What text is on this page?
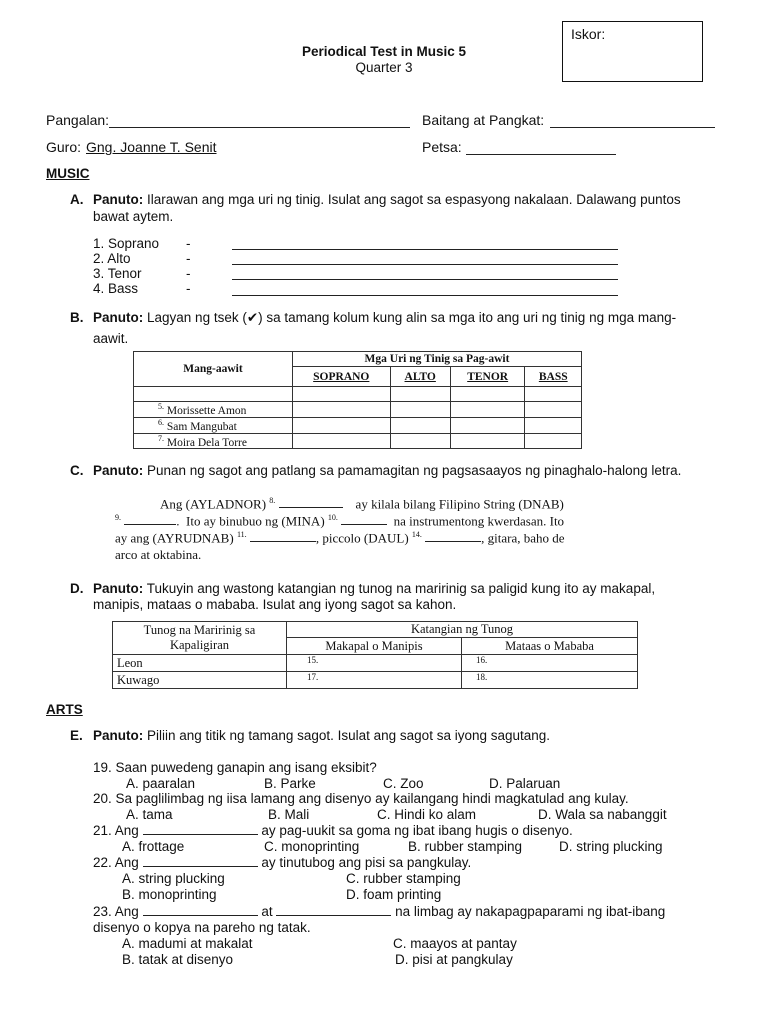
Iskor:
Periodical Test in Music 5
Quarter 3
Pangalan:	Baitang at Pangkat:
Guro: Gng. Joanne T. Senit	Petsa:
MUSIC
A. Panuto: Ilarawan ang mga uri ng tinig. Isulat ang sagot sa espasyong nakalaan. Dalawang puntos
bawat aytem.
1. Soprano -
2. Alto	-
3. Tenor	-
4. Bass	-
B. Panuto: Lagyan ng tsek (✔) sa tamang kolum kung alin sa mga ito ang uri ng tinig ng mga mang-
aawit.
Mang-aawit	Mga Uri ng Tinig sa Pag-awit			
	SOPRANO	ALTO	TENOR	BASS

$^{5.}$ Morissette Amon				
$^{6.}$ Sam Mangubat				
$^{7.}$ Moira Dela Torre				
C. Panuto: Punan ng sagot ang patlang sa pamamagitan ng pagsasaayos ng pinaghalo-halong letra.
Ang (AYLADNOR) $^{8.}$	ay kilala bilang Filipino String (DNAB)
$^{9.}$	.  Ito ay binubuo ng (MINA) $^{10.}$	na instrumentong kwerdasan. Ito
ay ang (AYRUDNAB) $^{11.}$	, piccolo (DAUL) $^{14.}$	, gitara, baho de
arco at oktabina.
D. Panuto: Tukuyin ang wastong katangian ng tunog na maririnig sa paligid kung ito ay makapal,
manipis, mataas o mababa. Isulat ang iyong sagot sa kahon.
Tunog na Maririnig sa Kapaligiran	Katangian ng Tunog	
	Makapal o Manipis	Mataas o Mababa
Leon	15.	16.
Kuwago	17.	18.
ARTS
E. Panuto: Piliin ang titik ng tamang sagot. Isulat ang sagot sa iyong sagutang.
19. Saan puwedeng ganapin ang isang eksibit?
A. paaralan	B. Parke	C. Zoo	D. Palaruan
20. Sa paglilimbag ng iisa lamang ang disenyo ay kailangang hindi magkatulad ang kulay.
A. tama	B. Mali	C. Hindi ko alam	D. Wala sa nabanggit
21. Ang	ay pag-uukit sa goma ng ibat ibang hugis o disenyo.
A. frottage	C. monoprinting	B. rubber stamping	D. string plucking
22. Ang	ay tinutubog ang pisi sa pangkulay.
A. string plucking	C. rubber stamping
B. monoprinting	D. foam printing
23. Ang	at	na limbag ay nakapagpaparami ng ibat-ibang
disenyo o kopya na pareho ng tatak.
A. madumi at makalat	C. maayos at pantay
B. tatak at disenyo	D. pisi at pangkulay
